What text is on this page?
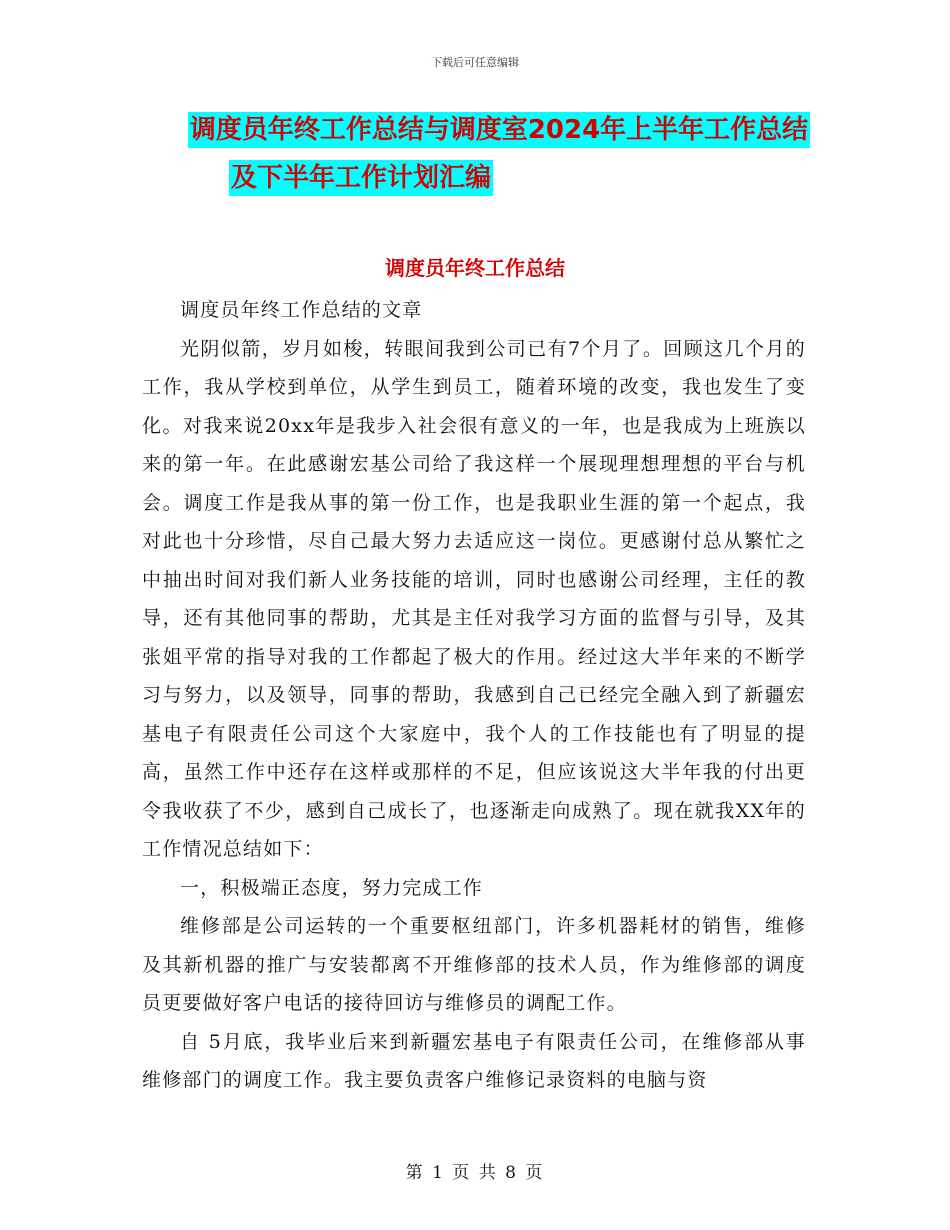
下载后可任意编辑
调度员年终工作总结与调度室2024年上半年工作总结
及下半年工作计划汇编
调度员年终工作总结

调度员年终工作总结的文章

光阴似箭，岁月如梭，转眼间我到公司已有7个月了。回顾这几个月的工作，我从学校到单位，从学生到员工，随着环境的改变，我也发生了变化。对我来说20xx年是我步入社会很有意义的一年，也是我成为上班族以来的第一年。在此感谢宏基公司给了我这样一个展现理想理想的平台与机会。调度工作是我从事的第一份工作，也是我职业生涯的第一个起点，我对此也十分珍惜，尽自己最大努力去适应这一岗位。更感谢付总从繁忙之中抽出时间对我们新人业务技能的培训，同时也感谢公司经理，主任的教导，还有其他同事的帮助，尤其是主任对我学习方面的监督与引导，及其张姐平常的指导对我的工作都起了极大的作用。经过这大半年来的不断学习与努力，以及领导，同事的帮助，我感到自己已经完全融入到了新疆宏基电子有限责任公司这个大家庭中，我个人的工作技能也有了明显的提高，虽然工作中还存在这样或那样的不足，但应该说这大半年我的付出更令我收获了不少，感到自己成长了，也逐渐走向成熟了。现在就我XX年的工作情况总结如下：

一，积极端正态度，努力完成工作

维修部是公司运转的一个重要枢纽部门，许多机器耗材的销售，维修及其新机器的推广与安装都离不开维修部的技术人员，作为维修部的调度员更要做好客户电话的接待回访与维修员的调配工作。

自 5月底，我毕业后来到新疆宏基电子有限责任公司，在维修部从事维修部门的调度工作。我主要负责客户维修记录资料的电脑与资

第 1 页 共 8 页
